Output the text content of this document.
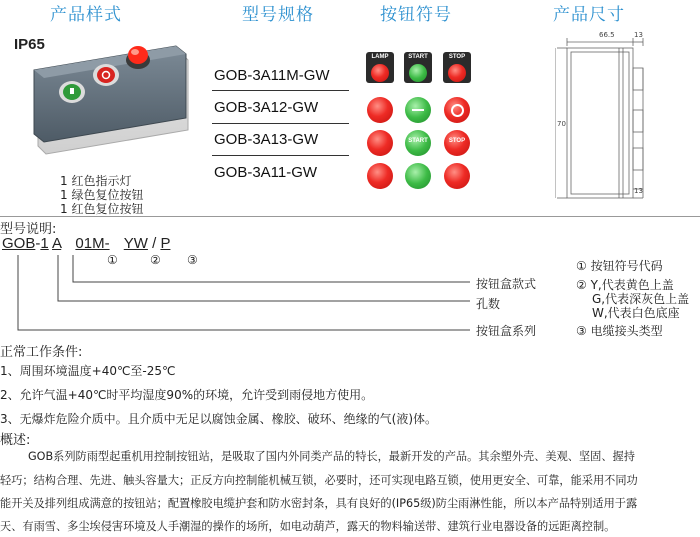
产品样式	型号规格	按钮符号	产品尺寸
IP65
1 红色指示灯
1 绿色复位按钮
1 红色复位按钮
GOB-3A11M-GW
GOB-3A12-GW
GOB-3A13-GW
GOB-3A11-GW
LAMP	START	STOP
START	STOP
66.5	13
70
13
型号说明:
GOB-1 A 01M- YW / P
①	② ③
按钮盒款式
孔数
按钮盒系列
① 按钮符号代码
② Y,代表黄色上盖
G,代表深灰色上盖
W,代表白色底座
③ 电缆接头类型
正常工作条件:
1、周围环境温度+40℃至-25℃
2、允许气温+40℃时平均湿度90%的环境，允许受到雨侵地方使用。
3、无爆炸危险介质中。且介质中无足以腐蚀金属、橡胶、破环、绝缘的气(液)体。
概述:
GOB系列防雨型起重机用控制按钮站，是吸取了国内外同类产品的特长，最新开发的产品。其余塑外壳、美观、坚固、握持
轻巧；结构合理、先进、触头容量大；正反方向控制能机械互锁，必要时，还可实现电路互锁，使用更安全、可靠，能采用不同功
能开关及排列组成满意的按钮站；配置橡胶电缆护套和防水密封条，具有良好的(IP65级)防尘雨淋性能，所以本产品特别适用于露
天、有雨雪、多尘埃侵害环境及人手潮湿的操作的场所，如电动葫芦，露天的物料输送带、建筑行业电器设备的远距离控制。
